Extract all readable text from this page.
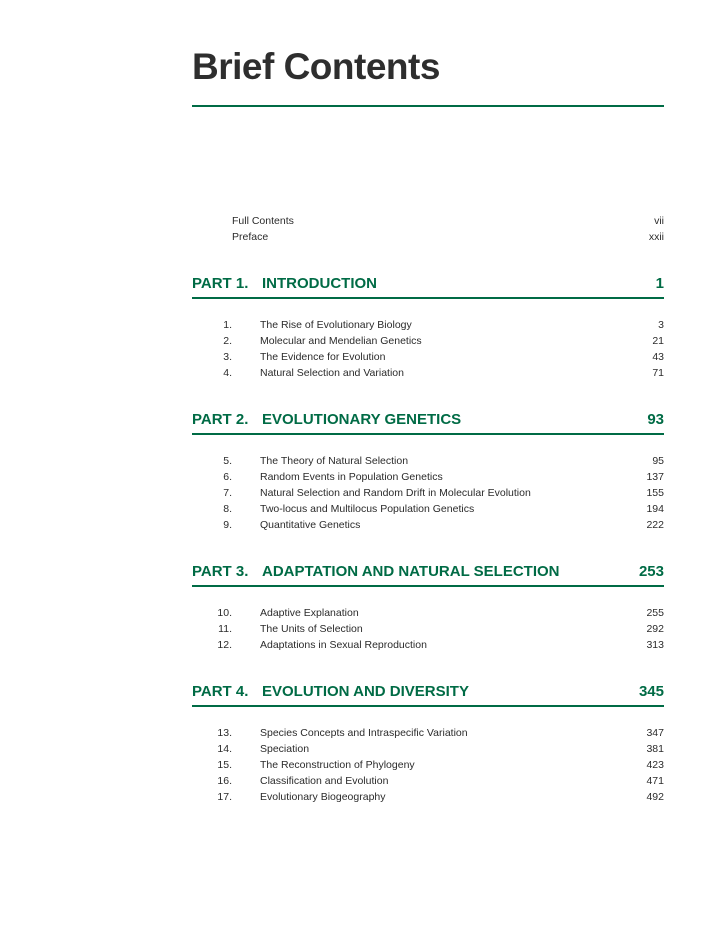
Brief Contents
Full Contents	vii
Preface	xxii
PART 1. INTRODUCTION	1
1.	The Rise of Evolutionary Biology	3
2.	Molecular and Mendelian Genetics	21
3.	The Evidence for Evolution	43
4.	Natural Selection and Variation	71
PART 2. EVOLUTIONARY GENETICS	93
5.	The Theory of Natural Selection	95
6.	Random Events in Population Genetics	137
7.	Natural Selection and Random Drift in Molecular Evolution	155
8.	Two-locus and Multilocus Population Genetics	194
9.	Quantitative Genetics	222
PART 3. ADAPTATION AND NATURAL SELECTION	253
10.	Adaptive Explanation	255
11.	The Units of Selection	292
12.	Adaptations in Sexual Reproduction	313
PART 4. EVOLUTION AND DIVERSITY	345
13.	Species Concepts and Intraspecific Variation	347
14.	Speciation	381
15.	The Reconstruction of Phylogeny	423
16.	Classification and Evolution	471
17.	Evolutionary Biogeography	492
